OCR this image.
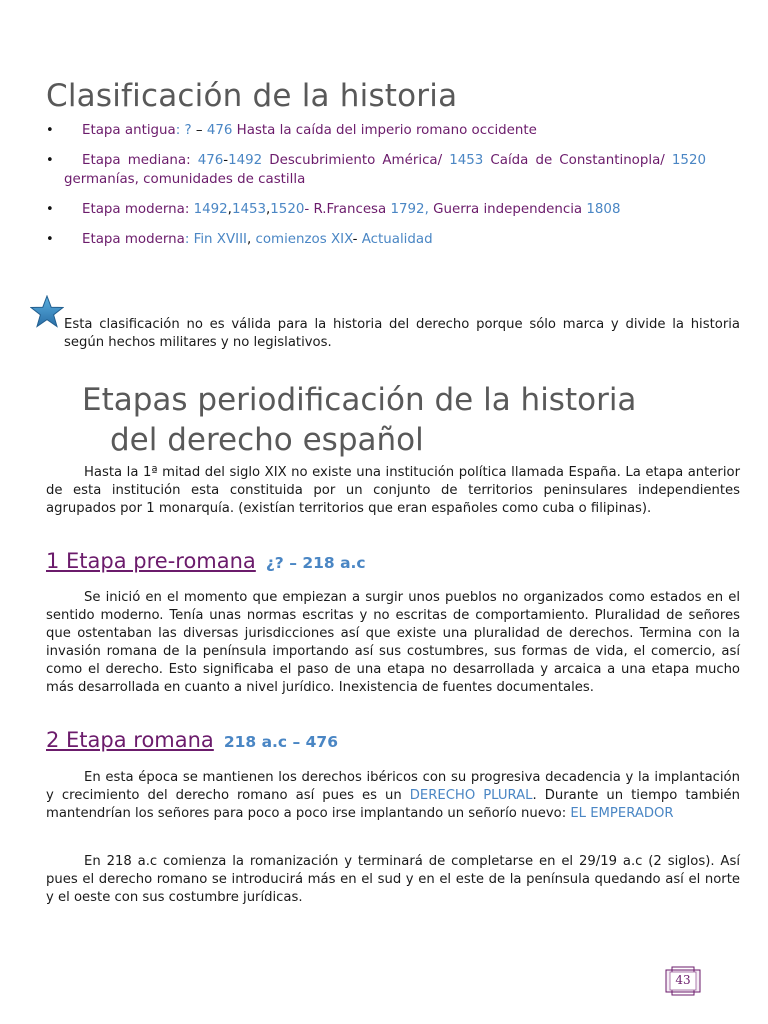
Clasificación de la historia
•	Etapa antigua: ? – 476 Hasta la caída del imperio romano occidente
•	Etapa mediana: 476-1492 Descubrimiento América/ 1453 Caída de Constantinopla/ 1520 germanías, comunidades de castilla
•	Etapa moderna: 1492,1453,1520- R.Francesa 1792, Guerra independencia 1808
•	Etapa moderna: Fin XVIII, comienzos XIX- Actualidad

Esta clasificación no es válida para la historia del derecho porque sólo marca y divide la historia según hechos militares y no legislativos.

Etapas periodificación de la historia
del derecho español

Hasta la 1ª mitad del siglo XIX no existe una institución política llamada España. La etapa anterior de esta institución esta constituida por un conjunto de territorios peninsulares independientes agrupados por 1 monarquía. (existían territorios que eran españoles como cuba o filipinas).

1 Etapa pre-romana ¿? – 218 a.c

Se inició en el momento que empiezan a surgir unos pueblos no organizados como estados en el sentido moderno. Tenía unas normas escritas y no escritas de comportamiento. Pluralidad de señores que ostentaban las diversas jurisdicciones así que existe una pluralidad de derechos. Termina con la invasión romana de la península importando así sus costumbres, sus formas de vida, el comercio, así como el derecho. Esto significaba el paso de una etapa no desarrollada y arcaica a una etapa mucho más desarrollada en cuanto a nivel jurídico. Inexistencia de fuentes documentales.

2 Etapa romana 218 a.c – 476

En esta época se mantienen los derechos ibéricos con su progresiva decadencia y la implantación y crecimiento del derecho romano así pues es un DERECHO PLURAL. Durante un tiempo también mantendrían los señores para poco a poco irse implantando un señorío nuevo: EL EMPERADOR

En 218 a.c comienza la romanización y terminará de completarse en el 29/19 a.c (2 siglos). Así pues el derecho romano se introducirá más en el sud y en el este de la península quedando así el norte y el oeste con sus costumbre jurídicas.

43
